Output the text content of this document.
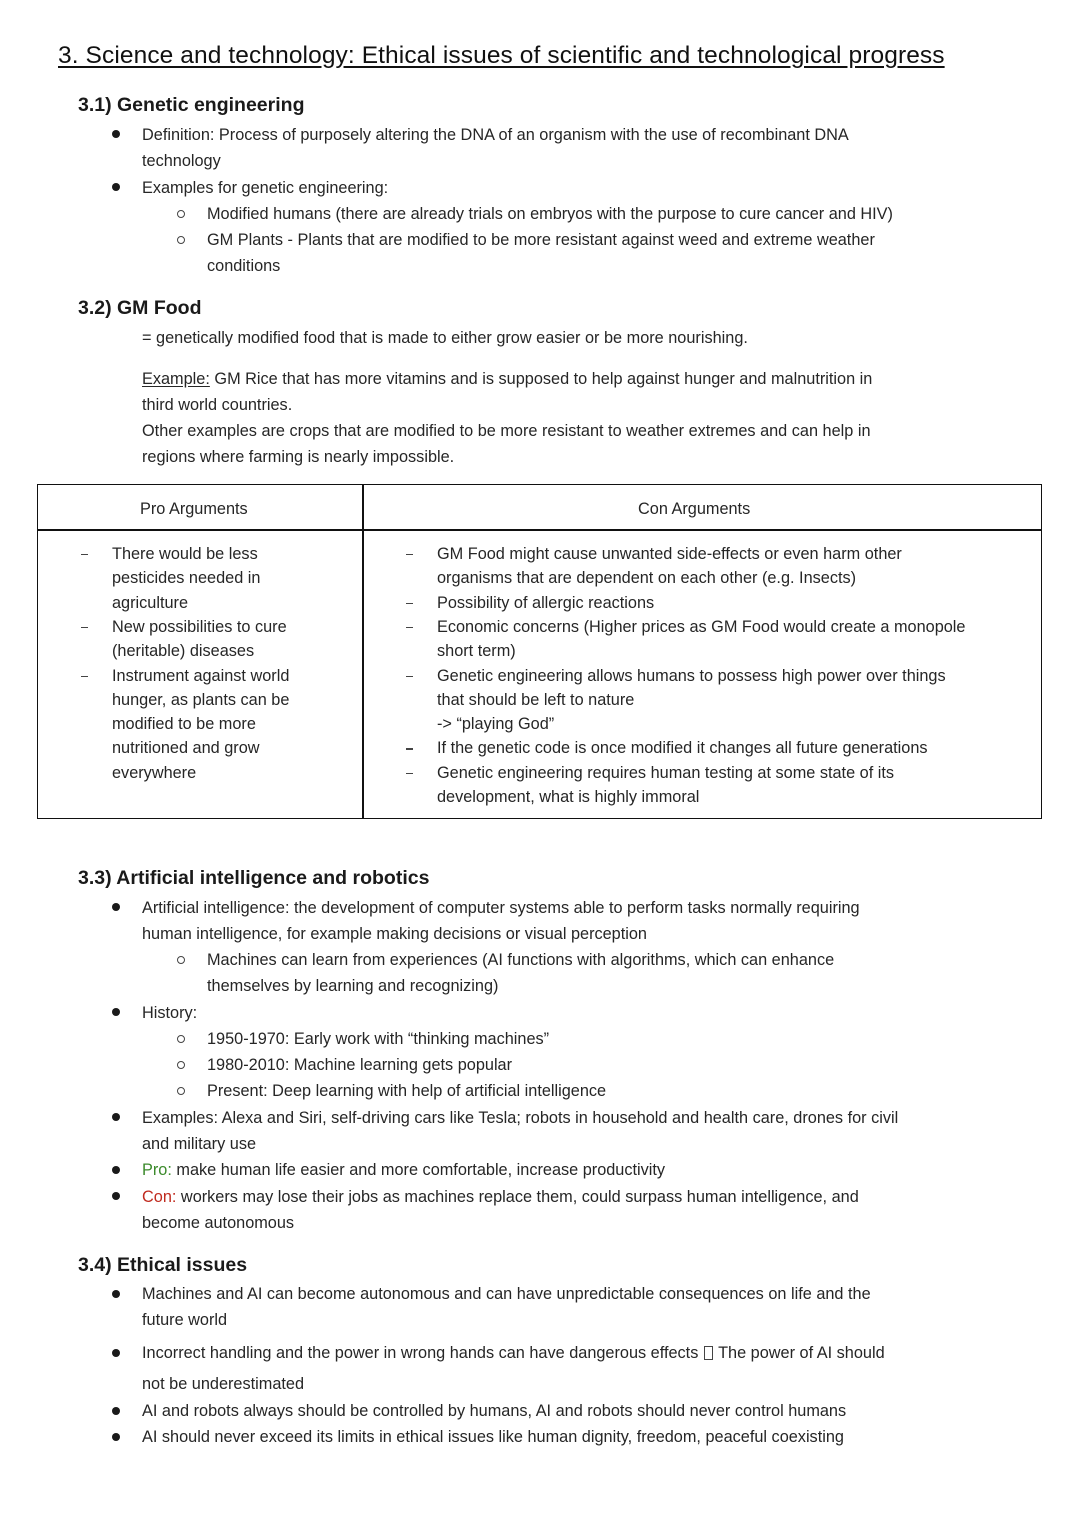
3. Science and technology: Ethical issues of scientific and technological progress
3.1) Genetic engineering
Definition: Process of purposely altering the DNA of an organism with the use of recombinant DNA
technology
Examples for genetic engineering:
Modified humans (there are already trials on embryos with the purpose to cure cancer and HIV)
GM Plants - Plants that are modified to be more resistant against weed and extreme weather
conditions
3.2) GM Food
= genetically modified food that is made to either grow easier or be more nourishing.
Example: GM Rice that has more vitamins and is supposed to help against hunger and malnutrition in
third world countries.
Other examples are crops that are modified to be more resistant to weather extremes and can help in
regions where farming is nearly impossible.
Pro Arguments	Con Arguments
There would be less
pesticides needed in
agriculture
New possibilities to cure
(heritable) diseases
Instrument against world
hunger, as plants can be
modified to be more
nutritioned and grow
everywhere
GM Food might cause unwanted side-effects or even harm other
organisms that are dependent on each other (e.g. Insects)
Possibility of allergic reactions
Economic concerns (Higher prices as GM Food would create a monopole
short term)
Genetic engineering allows humans to possess high power over things
that should be left to nature
-> “playing God”
If the genetic code is once modified it changes all future generations
Genetic engineering requires human testing at some state of its
development, what is highly immoral
3.3) Artificial intelligence and robotics
Artificial intelligence: the development of computer systems able to perform tasks normally requiring
human intelligence, for example making decisions or visual perception
Machines can learn from experiences (AI functions with algorithms, which can enhance
themselves by learning and recognizing)
History:
1950-1970: Early work with “thinking machines”
1980-2010: Machine learning gets popular
Present: Deep learning with help of artificial intelligence
Examples: Alexa and Siri, self-driving cars like Tesla; robots in household and health care, drones for civil
and military use
Pro: make human life easier and more comfortable, increase productivity
Con: workers may lose their jobs as machines replace them, could surpass human intelligence, and
become autonomous
3.4) Ethical issues
Machines and AI can become autonomous and can have unpredictable consequences on life and the
future world
Incorrect handling and the power in wrong hands can have dangerous effects  The power of AI should
not be underestimated
AI and robots always should be controlled by humans, AI and robots should never control humans
AI should never exceed its limits in ethical issues like human dignity, freedom, peaceful coexisting
